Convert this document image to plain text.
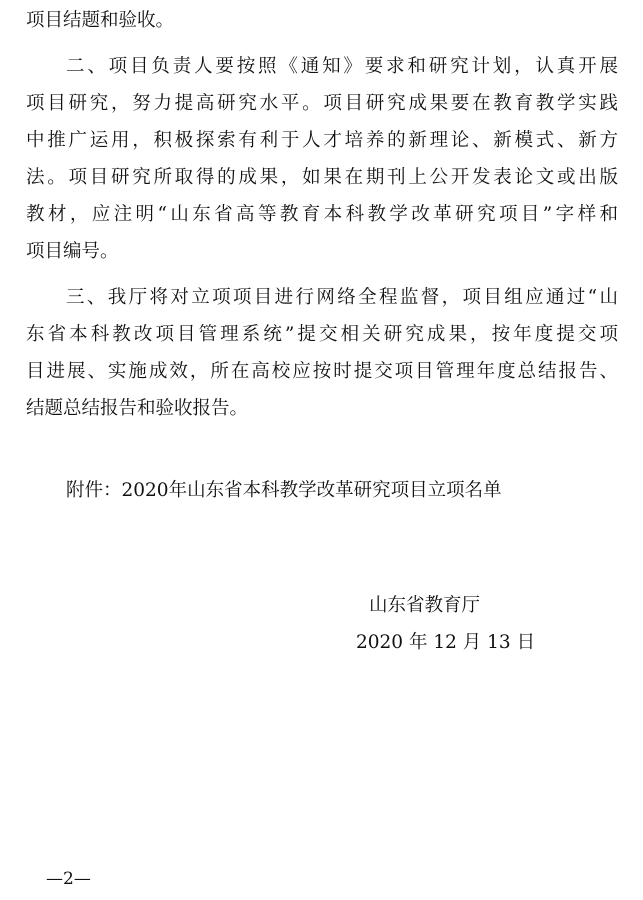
项目结题和验收。
二、项目负责人要按照《通知》要求和研究计划，认真开展
项目研究，努力提高研究水平。项目研究成果要在教育教学实践
中推广运用，积极探索有利于人才培养的新理论、新模式、新方
法。项目研究所取得的成果，如果在期刊上公开发表论文或出版
教材，应注明“山东省高等教育本科教学改革研究项目”字样和
项目编号。
三、我厅将对立项项目进行网络全程监督，项目组应通过“山
东省本科教改项目管理系统”提交相关研究成果，按年度提交项
目进展、实施成效，所在高校应按时提交项目管理年度总结报告、
结题总结报告和验收报告。
附件：2020年山东省本科教学改革研究项目立项名单
山东省教育厅
2020 年 12 月 13 日
—2—
